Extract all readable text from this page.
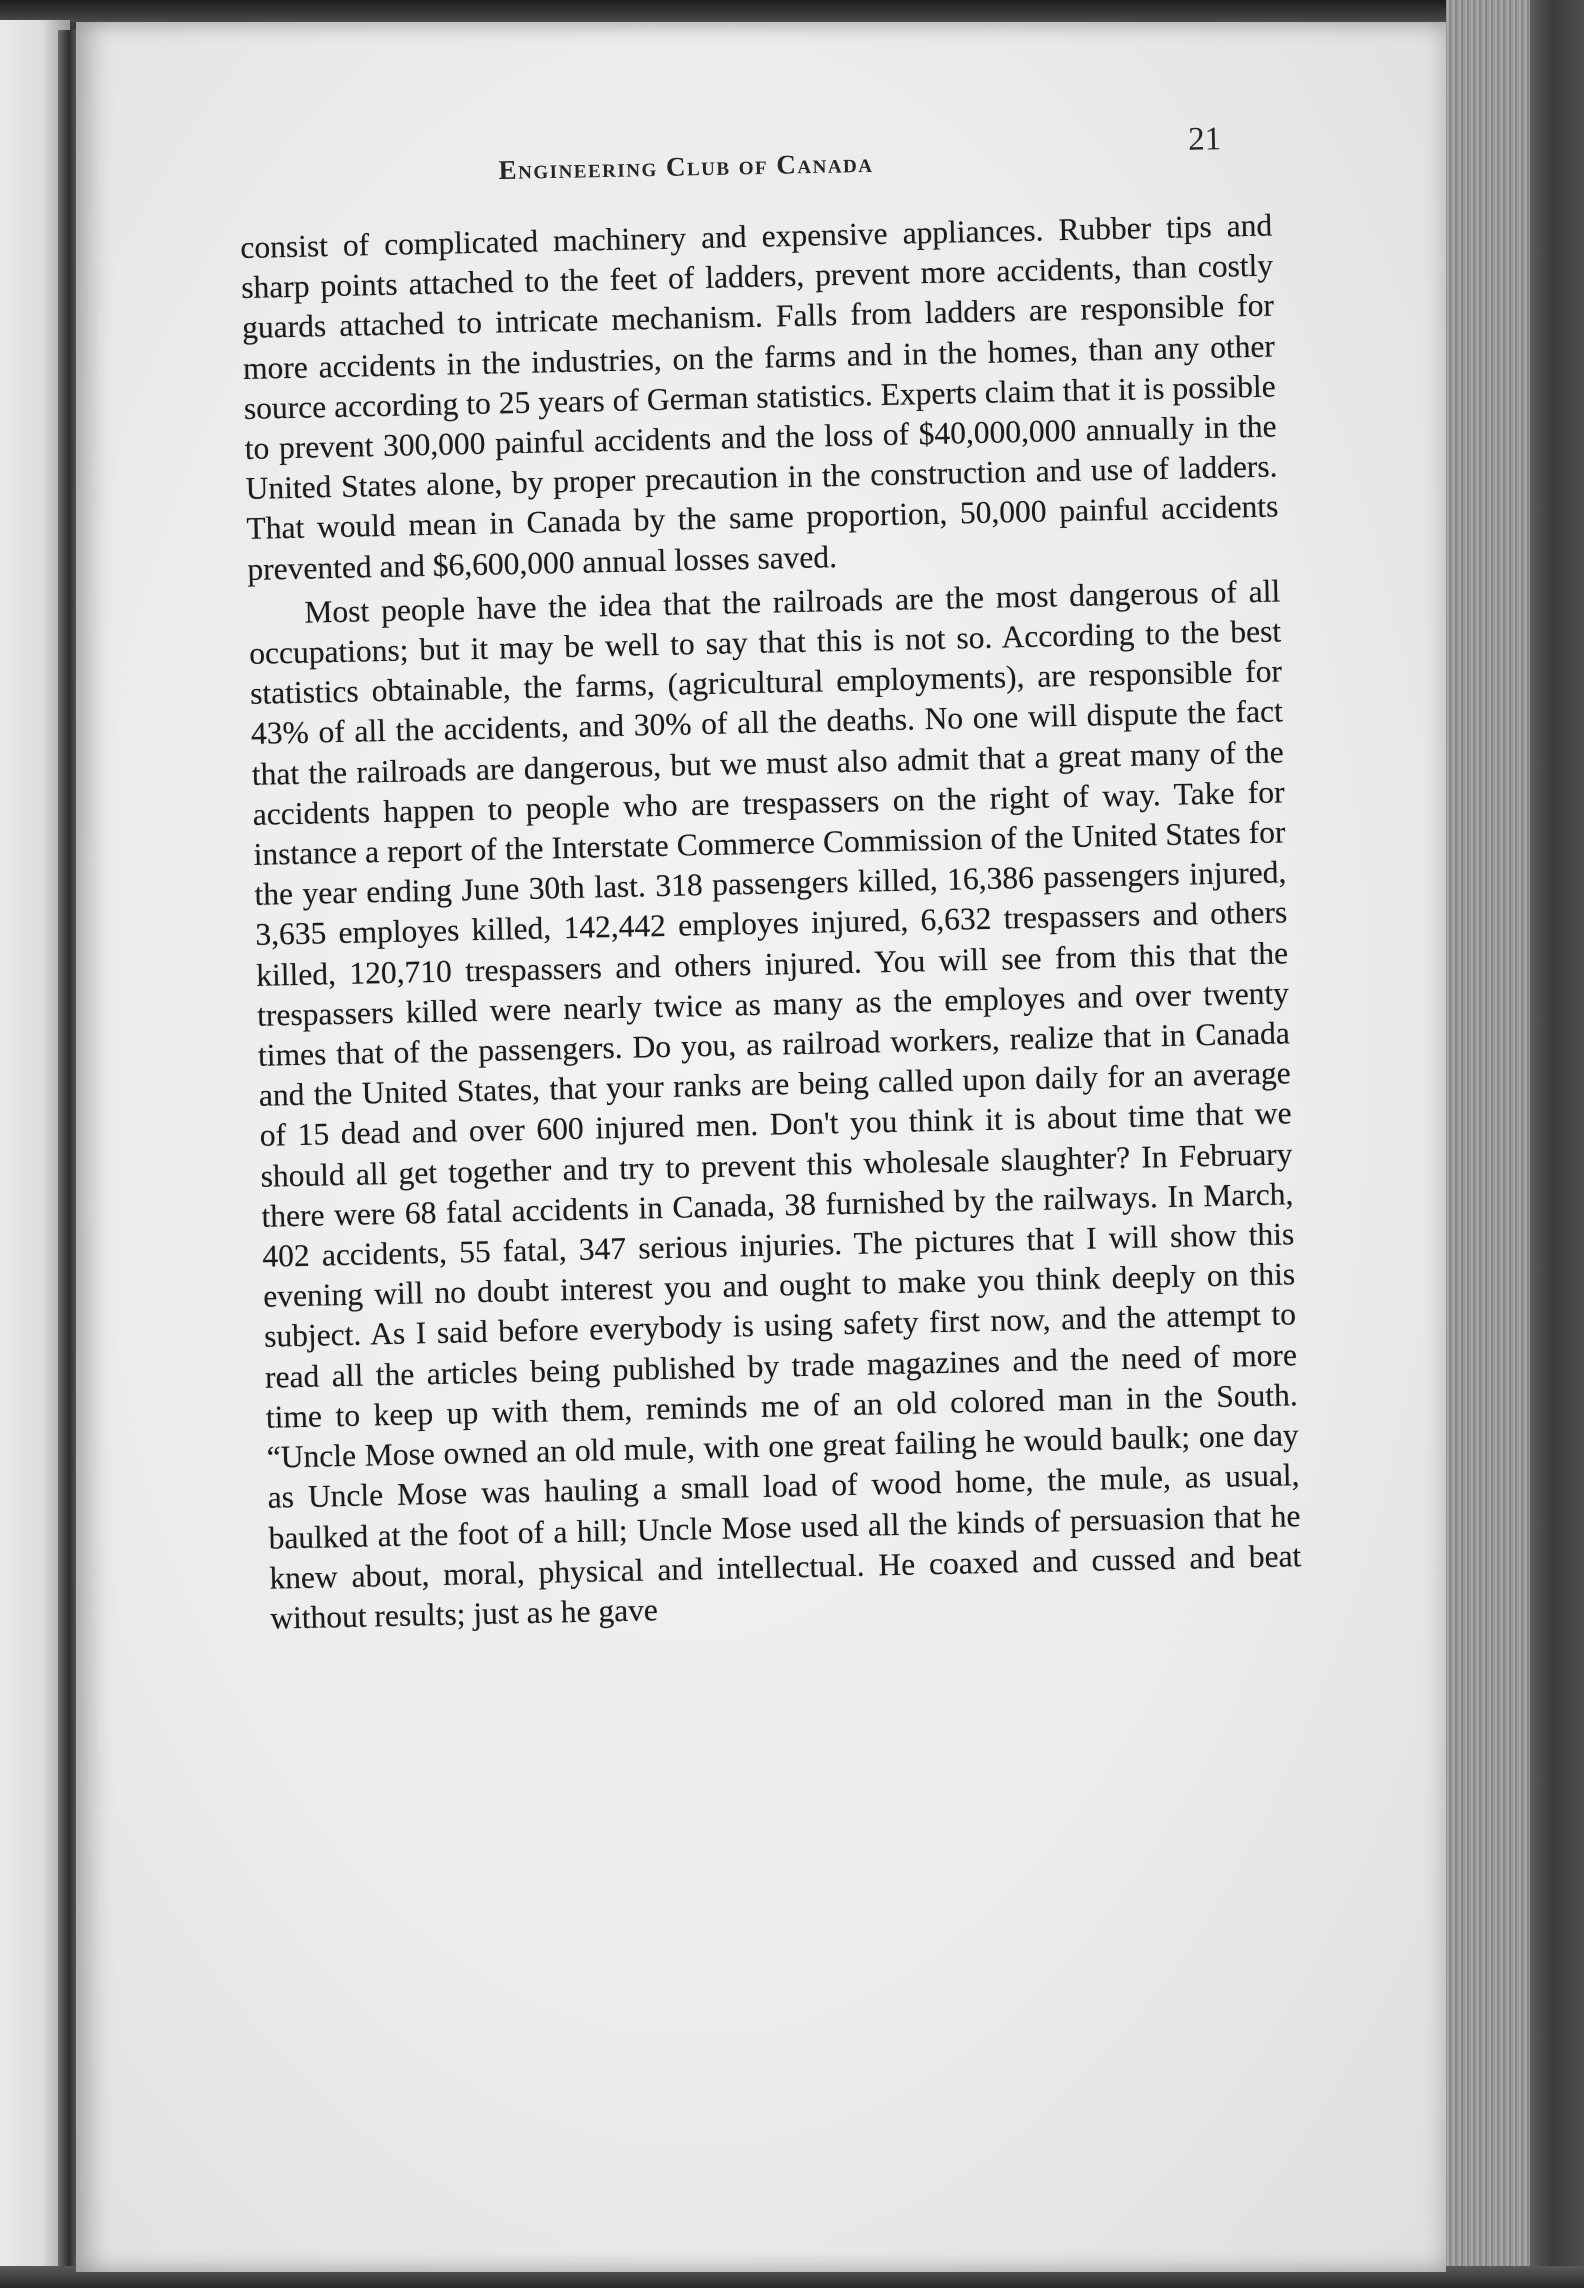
Engineering Club of Canada
21

consist of complicated machinery and expensive appliances. Rubber tips and sharp points attached to the feet of ladders, prevent more accidents, than costly guards attached to intricate mechanism. Falls from ladders are responsible for more accidents in the industries, on the farms and in the homes, than any other source according to 25 years of German statistics. Experts claim that it is possible to prevent 300,000 painful accidents and the loss of $40,000,000 annually in the United States alone, by proper precaution in the construction and use of ladders. That would mean in Canada by the same proportion, 50,000 painful accidents prevented and $6,600,000 annual losses saved.

Most people have the idea that the railroads are the most dangerous of all occupations; but it may be well to say that this is not so. According to the best statistics obtainable, the farms, (agricultural employments), are responsible for 43% of all the accidents, and 30% of all the deaths. No one will dispute the fact that the railroads are dangerous, but we must also admit that a great many of the accidents happen to people who are trespassers on the right of way. Take for instance a report of the Interstate Commerce Commission of the United States for the year ending June 30th last. 318 passengers killed, 16,386 passengers injured, 3,635 employes killed, 142,442 employes injured, 6,632 trespassers and others killed, 120,710 trespassers and others injured. You will see from this that the trespassers killed were nearly twice as many as the employes and over twenty times that of the passengers. Do you, as railroad workers, realize that in Canada and the United States, that your ranks are being called upon daily for an average of 15 dead and over 600 injured men. Don't you think it is about time that we should all get together and try to prevent this wholesale slaughter? In February there were 68 fatal accidents in Canada, 38 furnished by the railways. In March, 402 accidents, 55 fatal, 347 serious injuries. The pictures that I will show this evening will no doubt interest you and ought to make you think deeply on this subject. As I said before everybody is using safety first now, and the attempt to read all the articles being published by trade magazines and the need of more time to keep up with them, reminds me of an old colored man in the South. “Uncle Mose owned an old mule, with one great failing he would baulk; one day as Uncle Mose was hauling a small load of wood home, the mule, as usual, baulked at the foot of a hill; Uncle Mose used all the kinds of persuasion that he knew about, moral, physical and intellectual. He coaxed and cussed and beat without results; just as he gave
